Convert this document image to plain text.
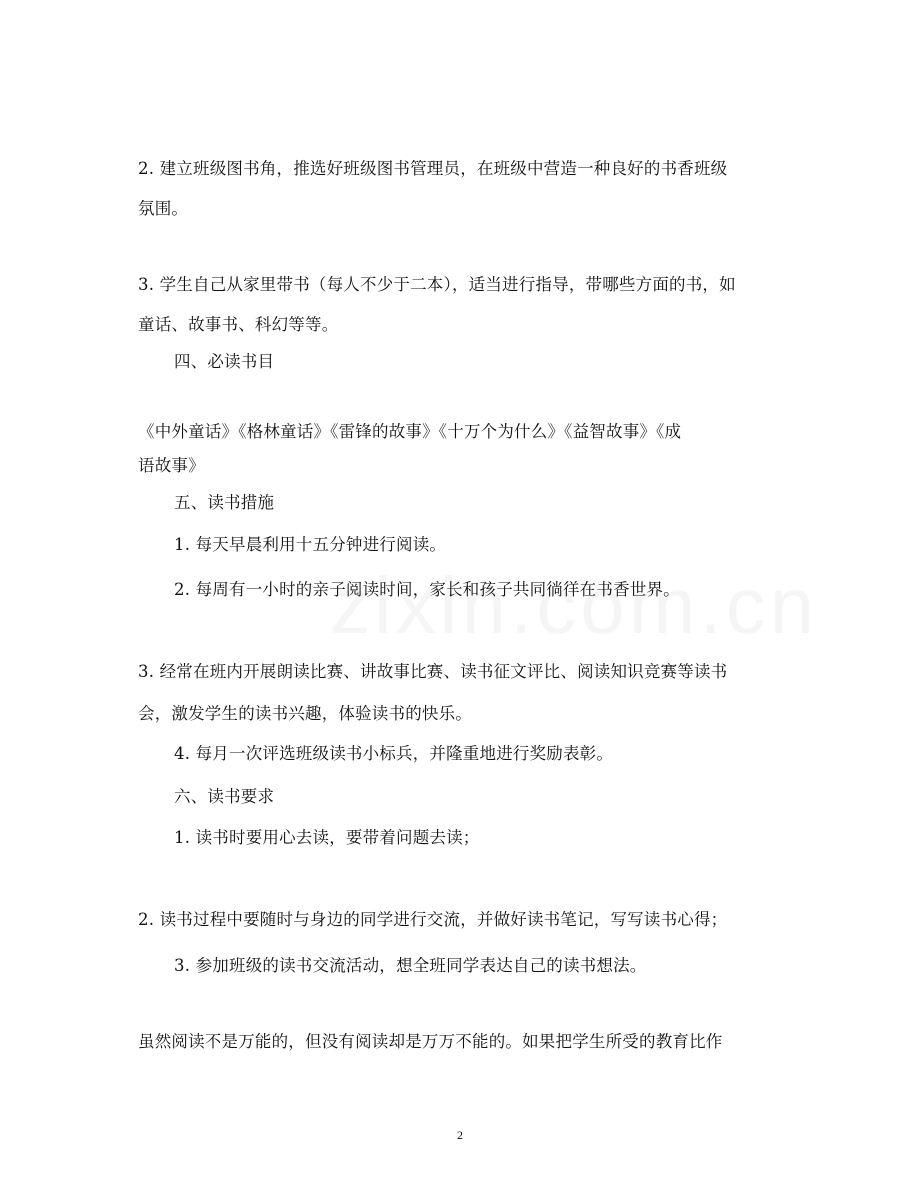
2. 建立班级图书角，推选好班级图书管理员，在班级中营造一种良好的书香班级
氛围。
3. 学生自己从家里带书（每人不少于二本），适当进行指导，带哪些方面的书，如
童话、故事书、科幻等等。
四、必读书目
《中外童话》《格林童话》《雷锋的故事》《十万个为什么》《益智故事》《成
语故事》
五、读书措施
1. 每天早晨利用十五分钟进行阅读。
2. 每周有一小时的亲子阅读时间，家长和孩子共同徜徉在书香世界。
3. 经常在班内开展朗读比赛、讲故事比赛、读书征文评比、阅读知识竞赛等读书
会，激发学生的读书兴趣，体验读书的快乐。
4. 每月一次评选班级读书小标兵，并隆重地进行奖励表彰。
六、读书要求
1. 读书时要用心去读，要带着问题去读；
2. 读书过程中要随时与身边的同学进行交流，并做好读书笔记，写写读书心得；
3. 参加班级的读书交流活动，想全班同学表达自己的读书想法。
虽然阅读不是万能的，但没有阅读却是万万不能的。如果把学生所受的教育比作
2
